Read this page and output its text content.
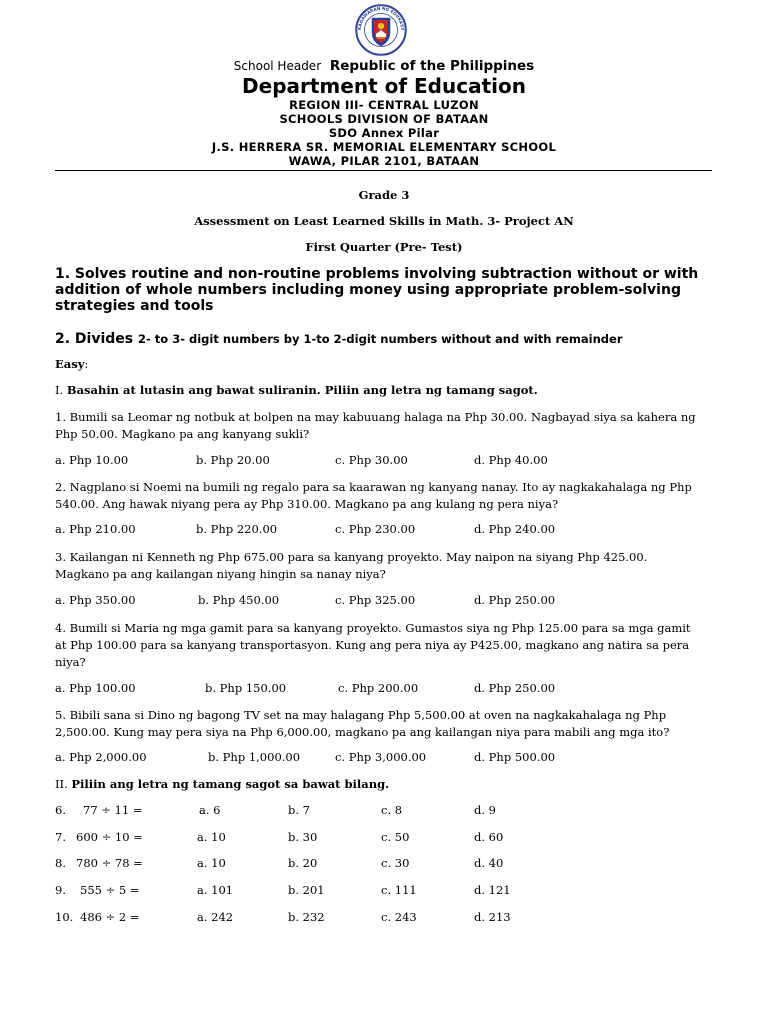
KAGAWARAN NG EDUKASY
School Header Republic of the Philippines
Department of Education
REGION III- CENTRAL LUZON
SCHOOLS DIVISION OF BATAAN
SDO Annex Pilar
J.S. HERRERA SR. MEMORIAL ELEMENTARY SCHOOL
WAWA, PILAR 2101, BATAAN
Grade 3
Assessment on Least Learned Skills in Math. 3- Project AN
First Quarter (Pre- Test)
1. Solves routine and non-routine problems involving subtraction without or with addition of whole numbers including money using appropriate problem-solving strategies and tools
2. Divides 2- to 3- digit numbers by 1-to 2-digit numbers without and with remainder
Easy:
I. Basahin at lutasin ang bawat suliranin. Piliin ang letra ng tamang sagot.
1. Bumili sa Leomar ng notbuk at bolpen na may kabuuang halaga na Php 30.00. Nagbayad siya sa kahera ng
Php 50.00. Magkano pa ang kanyang sukli?
a. Php 10.00	b. Php 20.00	c. Php 30.00	d. Php 40.00
2. Nagplano si Noemi na bumili ng regalo para sa kaarawan ng kanyang nanay. Ito ay nagkakahalaga ng Php
540.00. Ang hawak niyang pera ay Php 310.00. Magkano pa ang kulang ng pera niya?
a. Php 210.00	b. Php 220.00	c. Php 230.00	d. Php 240.00
3. Kailangan ni Kenneth ng Php 675.00 para sa kanyang proyekto. May naipon na siyang Php 425.00.
Magkano pa ang kailangan niyang hingin sa nanay niya?
a. Php 350.00	b. Php 450.00	c. Php 325.00	d. Php 250.00
4. Bumili si Maria ng mga gamit para sa kanyang proyekto. Gumastos siya ng Php 125.00 para sa mga gamit
at Php 100.00 para sa kanyang transportasyon. Kung ang pera niya ay P425.00, magkano ang natira sa pera
niya?
a. Php 100.00	b. Php 150.00	c. Php 200.00	d. Php 250.00
5. Bibili sana si Dino ng bagong TV set na may halagang Php 5,500.00 at oven na nagkakahalaga ng Php
2,500.00. Kung may pera siya na Php 6,000.00, magkano pa ang kailangan niya para mabili ang mga ito?
a. Php 2,000.00	b. Php 1,000.00	c. Php 3,000.00	d. Php 500.00
II. Piliin ang letra ng tamang sagot sa bawat bilang.
6. 77 ÷ 11 =	a. 6	b. 7	c. 8	d. 9
7. 600 ÷ 10 =	a. 10	b. 30	c. 50	d. 60
8. 780 ÷ 78 =	a. 10	b. 20	c. 30	d. 40
9. 555 ÷ 5 =	a. 101	b. 201	c. 111	d. 121
10. 486 ÷ 2 =	a. 242	b. 232	c. 243	d. 213
